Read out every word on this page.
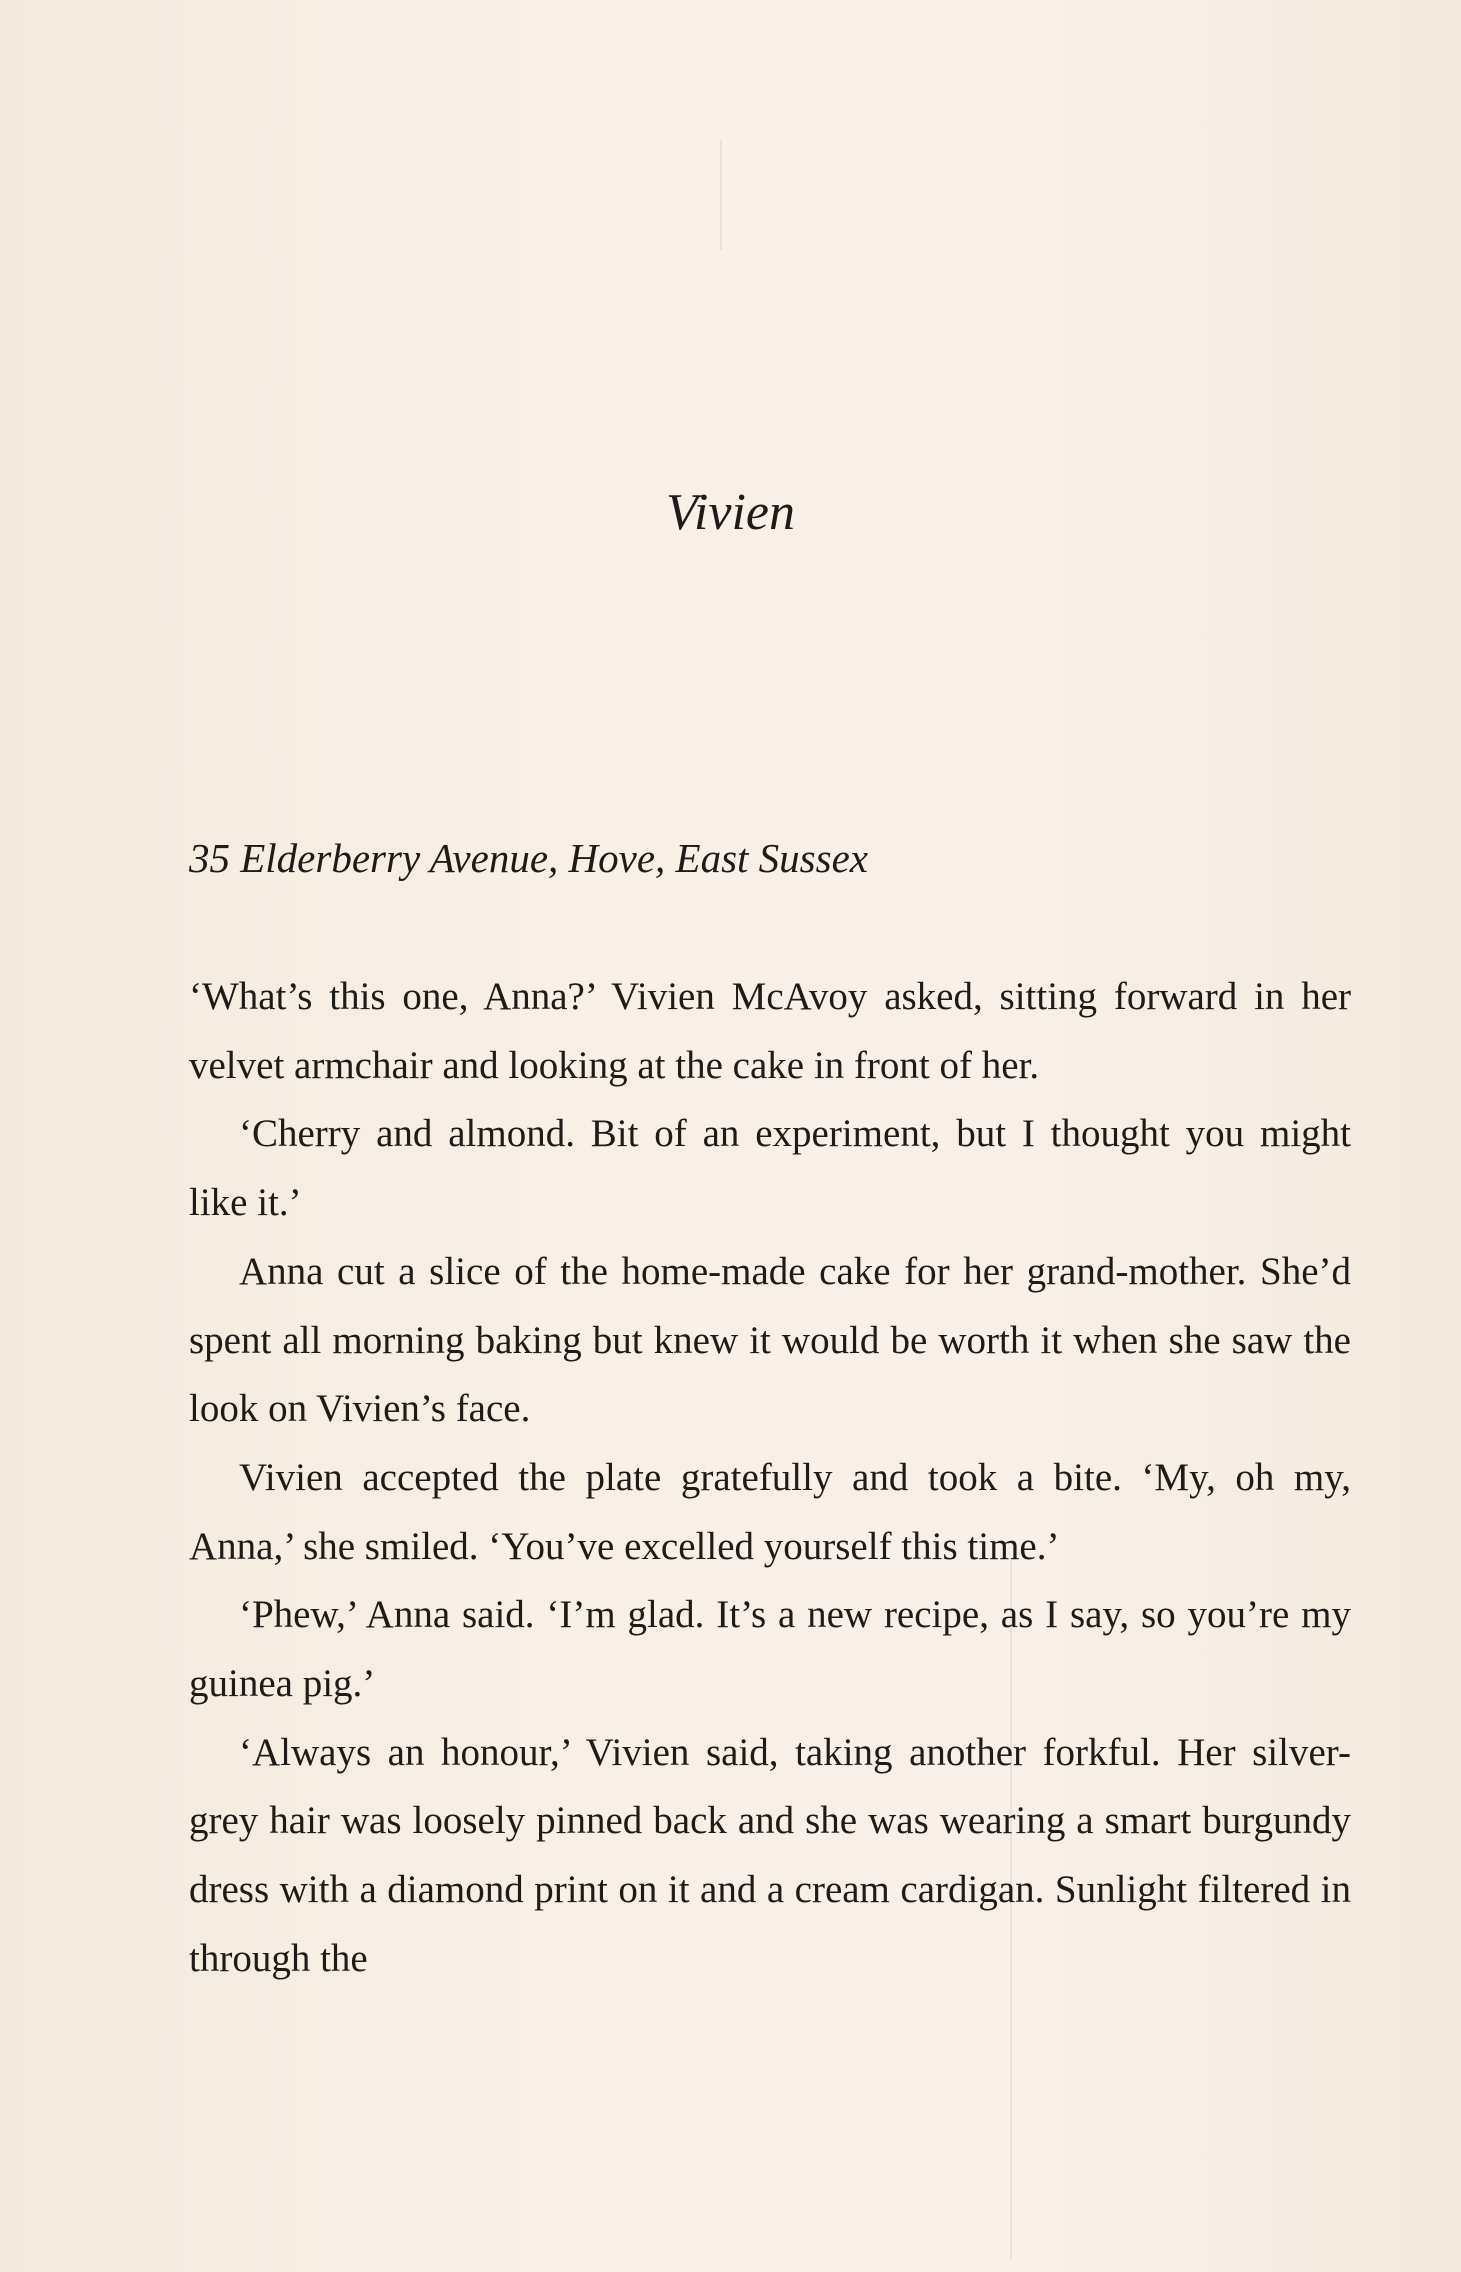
Vivien
35 Elderberry Avenue, Hove, East Sussex

‘What’s this one, Anna?’ Vivien McAvoy asked, sitting forward in her velvet armchair and looking at the cake in front of her.

‘Cherry and almond. Bit of an experiment, but I thought you might like it.’

Anna cut a slice of the home-made cake for her grand-mother. She’d spent all morning baking but knew it would be worth it when she saw the look on Vivien’s face.

Vivien accepted the plate gratefully and took a bite. ‘My, oh my, Anna,’ she smiled. ‘You’ve excelled yourself this time.’

‘Phew,’ Anna said. ‘I’m glad. It’s a new recipe, as I say, so you’re my guinea pig.’

‘Always an honour,’ Vivien said, taking another forkful. Her silver-grey hair was loosely pinned back and she was wearing a smart burgundy dress with a diamond print on it and a cream cardigan. Sunlight filtered in through the
